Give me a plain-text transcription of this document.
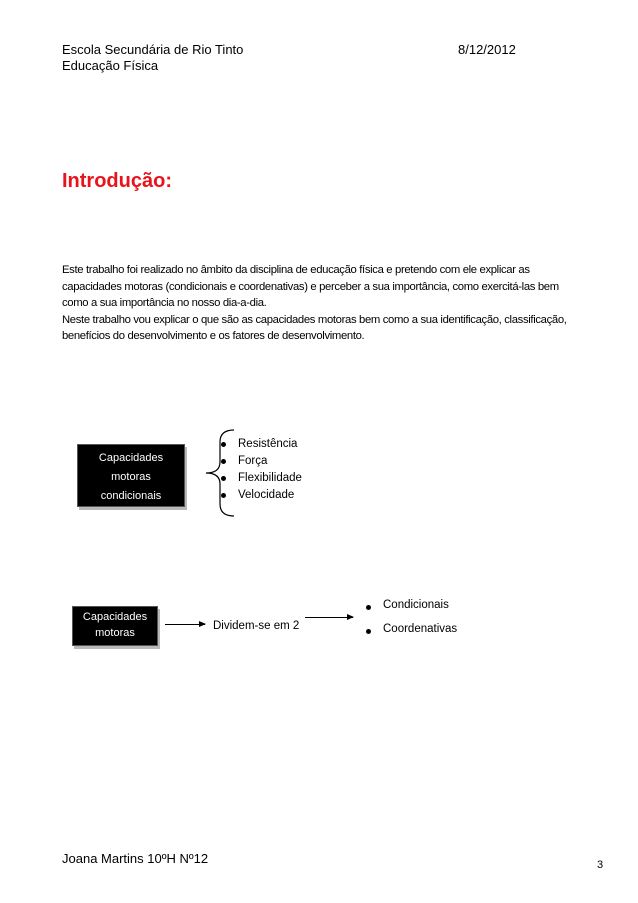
Escola Secundária de Rio Tinto
Educação Física
8/12/2012
Introdução:

Este trabalho foi realizado no âmbito da disciplina de educação física e pretendo com ele explicar as capacidades motoras (condicionais e coordenativas) e perceber a sua importância, como exercitá-las bem como a sua importância no nosso dia-a-dia.

Neste trabalho vou explicar o que são as capacidades motoras bem como a sua identificação, classificação, benefícios do desenvolvimento e os fatores de desenvolvimento.

Capacidades
motoras
condicionais
Resistência
Força
Flexibilidade
Velocidade
Capacidades
motoras
Dividem-se em 2
Condicionais
Coordenativas
Joana Martins 10ºH Nº12	3
